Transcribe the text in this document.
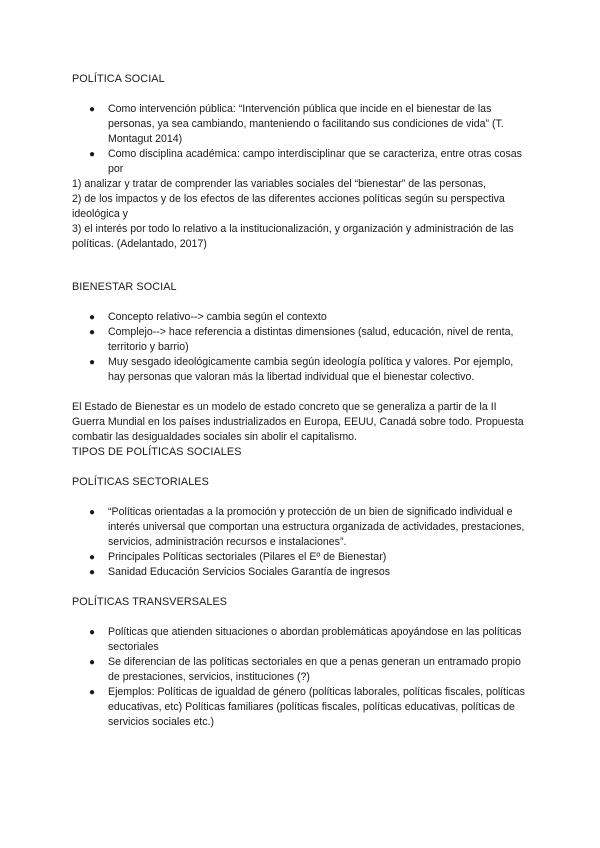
POLÍTICA SOCIAL

● Como intervención pública: “Intervención pública que incide en el bienestar de las personas, ya sea cambiando, manteniendo o facilitando sus condiciones de vida” (T. Montagut 2014)
● Como disciplina académica: campo interdisciplinar que se caracteriza, entre otras cosas por

1) analizar y tratar de comprender las variables sociales del “bienestar” de las personas,

2) de los impactos y de los efectos de las diferentes acciones políticas según su perspectiva ideológica y

3) el interés por todo lo relativo a la institucionalización, y organización y administración de las políticas. (Adelantado, 2017)

BIENESTAR SOCIAL

● Concepto relativo--> cambia según el contexto
● Complejo--> hace referencia a distintas dimensiones (salud, educación, nivel de renta, territorio y barrio)
● Muy sesgado ideológicamente cambia según ideología política y valores. Por ejemplo, hay personas que valoran más la libertad individual que el bienestar colectivo.

El Estado de Bienestar es un modelo de estado concreto que se generaliza a partir de la II Guerra Mundial en los países industrializados en Europa, EEUU, Canadá sobre todo. Propuesta combatir las desigualdades sociales sin abolir el capitalismo.

TIPOS DE POLÍTICAS SOCIALES

POLÍTICAS SECTORIALES

● “Políticas orientadas a la promoción y protección de un bien de significado individual e interés universal que comportan una estructura organizada de actividades, prestaciones, servicios, administración recursos e instalaciones”.
● Principales Políticas sectoriales (Pilares el Eº de Bienestar)
● Sanidad Educación Servicios Sociales Garantía de ingresos

POLÍTICAS TRANSVERSALES

● Políticas que atienden situaciones o abordan problemáticas apoyándose en las políticas sectoriales
● Se diferencian de las políticas sectoriales en que a penas generan un entramado propio de prestaciones, servicios, instituciones (?)
● Ejemplos: Políticas de igualdad de género (políticas laborales, políticas fiscales, políticas educativas, etc) Políticas familiares (políticas fiscales, políticas educativas, políticas de servicios sociales etc.)
